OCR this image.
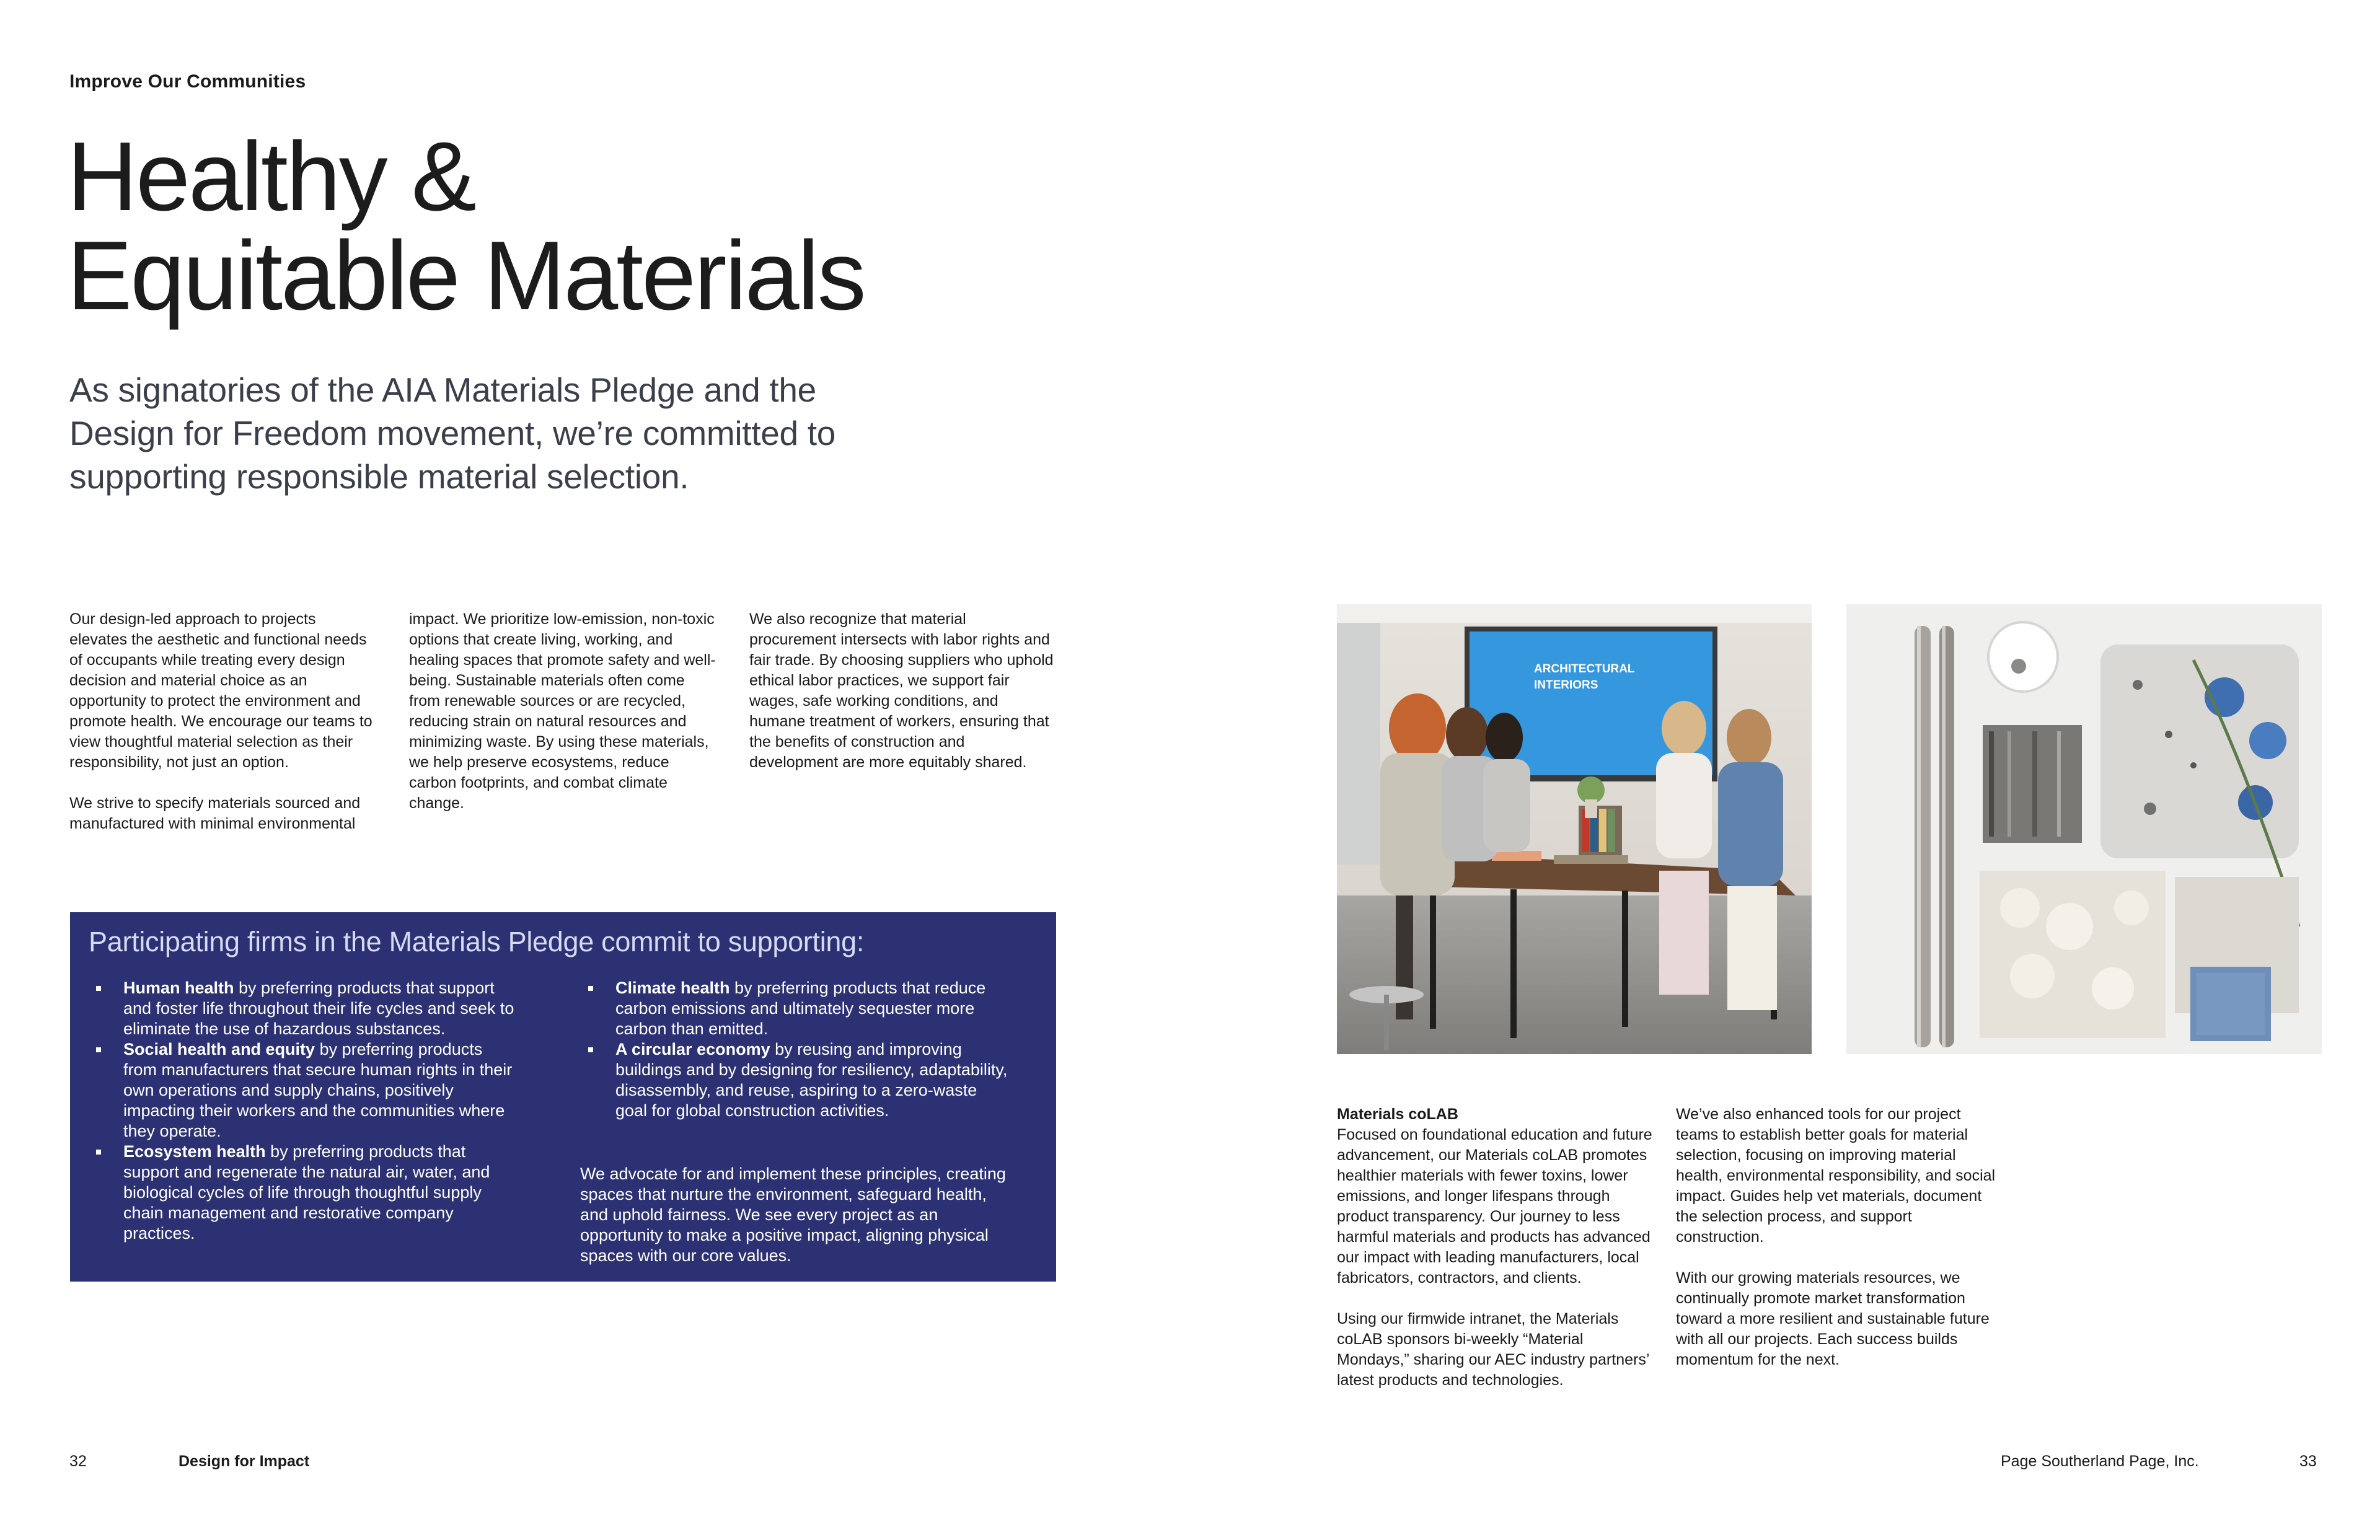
Improve Our Communities
Healthy &
Equitable Materials
As signatories of the AIA Materials Pledge and the Design for Freedom movement, we’re committed to supporting responsible material selection.

Our design-led approach to projects elevates the aesthetic and functional needs of occupants while treating every design decision and material choice as an opportunity to protect the environment and promote health. We encourage our teams to view thoughtful material selection as their responsibility, not just an option.

We strive to specify materials sourced and manufactured with minimal environmental

impact. We prioritize low-emission, non-toxic options that create living, working, and healing spaces that promote safety and well-being. Sustainable materials often come from renewable sources or are recycled, reducing strain on natural resources and minimizing waste. By using these materials, we help preserve ecosystems, reduce carbon footprints, and combat climate change.

We also recognize that material procurement intersects with labor rights and fair trade. By choosing suppliers who uphold ethical labor practices, we support fair wages, safe working conditions, and humane treatment of workers, ensuring that the benefits of construction and development are more equitably shared.

Participating firms in the Materials Pledge commit to supporting:
Human health by preferring products that support and foster life throughout their life cycles and seek to eliminate the use of hazardous substances.
Social health and equity by preferring products from manufacturers that secure human rights in their own operations and supply chains, positively impacting their workers and the communities where they operate.
Ecosystem health by preferring products that support and regenerate the natural air, water, and biological cycles of life through thoughtful supply chain management and restorative company practices.
Climate health by preferring products that reduce carbon emissions and ultimately sequester more carbon than emitted.
A circular economy by reusing and improving buildings and by designing for resiliency, adaptability, disassembly, and reuse, aspiring to a zero-waste goal for global construction activities.
We advocate for and implement these principles, creating spaces that nurture the environment, safeguard health, and uphold fairness. We see every project as an opportunity to make a positive impact, aligning physical spaces with our core values.
ARCHITECTURAL
INTERIORS
Materials coLAB

Focused on foundational education and future advancement, our Materials coLAB promotes healthier materials with fewer toxins, lower emissions, and longer lifespans through product transparency. Our journey to less harmful materials and products has advanced our impact with leading manufacturers, local fabricators, contractors, and clients.

Using our firmwide intranet, the Materials coLAB sponsors bi-weekly “Material Mondays,” sharing our AEC industry partners’ latest products and technologies.

We’ve also enhanced tools for our project teams to establish better goals for material selection, focusing on improving material health, environmental responsibility, and social impact. Guides help vet materials, document the selection process, and support construction.

With our growing materials resources, we continually promote market transformation toward a more resilient and sustainable future with all our projects. Each success builds momentum for the next.

32	Design for Impact	Page Southerland Page, Inc.	33
